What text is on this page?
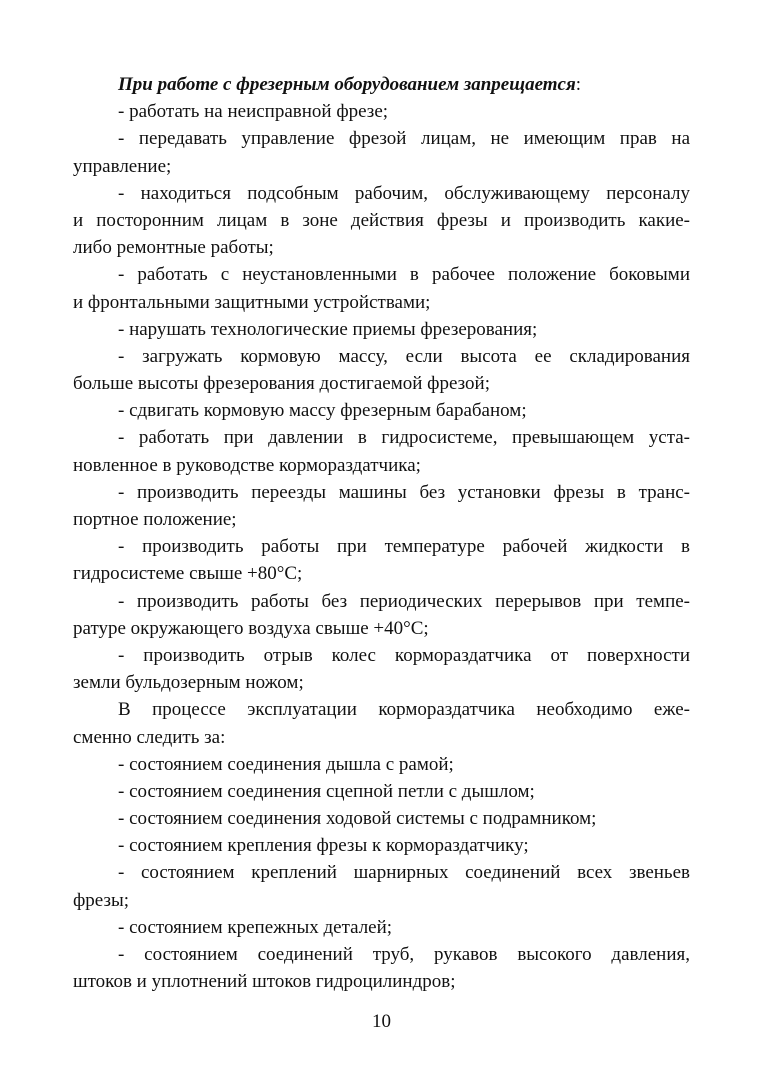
При работе с фрезерным оборудованием запрещается:
- работать на неисправной фрезе;
- передавать управление фрезой лицам, не имеющим прав на
управление;
- находиться подсобным рабочим, обслуживающему персоналу
и посторонним лицам в зоне действия фрезы и производить какие-
либо ремонтные работы;
- работать с неустановленными в рабочее положение боковыми
и фронтальными защитными устройствами;
- нарушать технологические приемы фрезерования;
- загружать кормовую массу, если высота ее складирования
больше высоты фрезерования достигаемой фрезой;
- сдвигать кормовую массу фрезерным барабаном;
- работать при давлении в гидросистеме, превышающем уста-
новленное в руководстве кормораздатчика;
- производить переезды машины без установки фрезы в транс-
портное положение;
- производить работы при температуре рабочей жидкости в
гидросистеме свыше +80°С;
- производить работы без периодических перерывов при темпе-
ратуре окружающего воздуха свыше +40°С;
- производить отрыв колес кормораздатчика от поверхности
земли бульдозерным ножом;
В процессе эксплуатации кормораздатчика необходимо еже-
сменно следить за:
- состоянием соединения дышла с рамой;
- состоянием соединения сцепной петли с дышлом;
- состоянием соединения ходовой системы с подрамником;
- состоянием крепления фрезы к кормораздатчику;
- состоянием креплений шарнирных соединений всех звеньев
фрезы;
- состоянием крепежных деталей;
- состоянием соединений труб, рукавов высокого давления,
штоков и уплотнений штоков гидроцилиндров;
10
